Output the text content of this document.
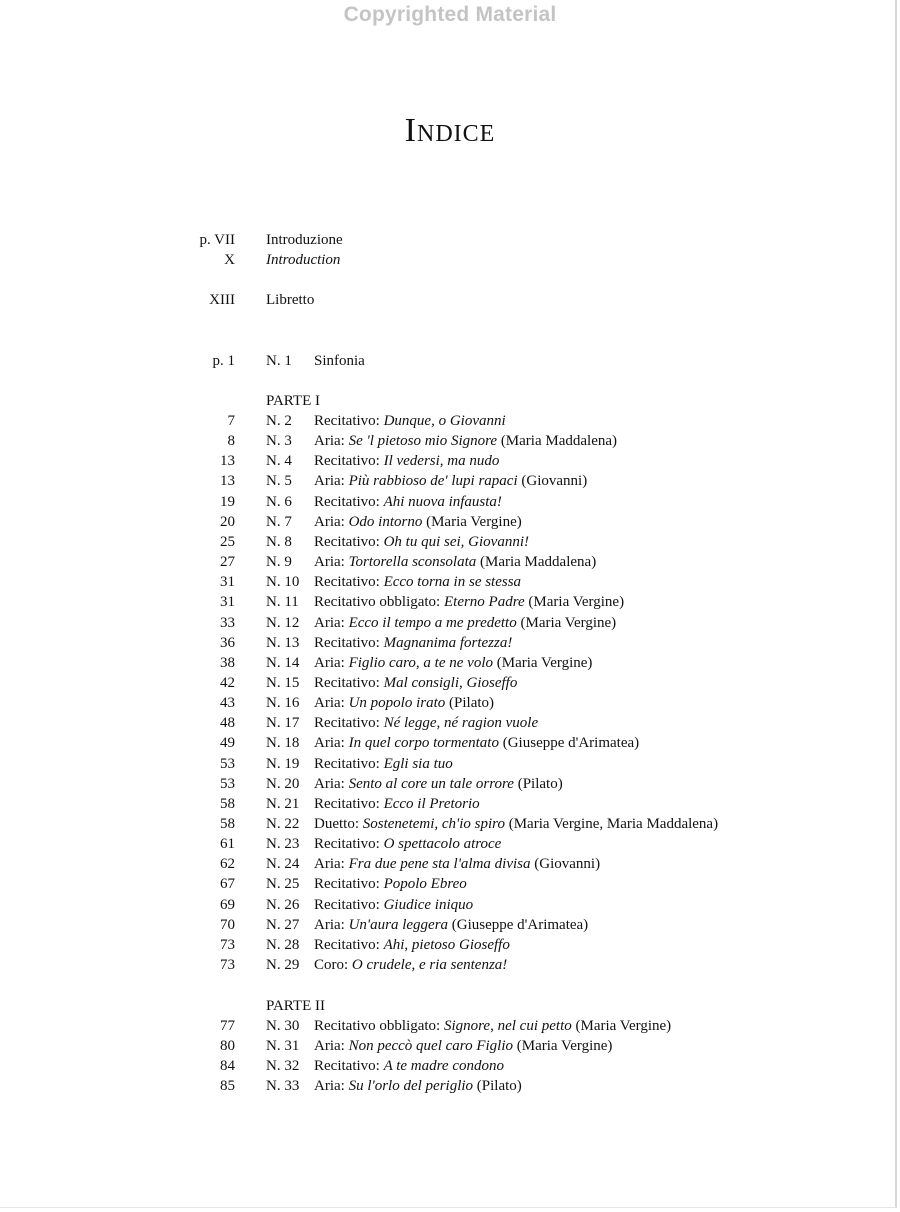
Copyrighted Material
Indice
p. VII Introduzione
X Introduction
XIII Libretto
p. 1 N. 1 Sinfonia
PARTE I
7 N. 2 Recitativo: Dunque, o Giovanni
8 N. 3 Aria: Se 'l pietoso mio Signore (Maria Maddalena)
13 N. 4 Recitativo: Il vedersi, ma nudo
13 N. 5 Aria: Più rabbioso de' lupi rapaci (Giovanni)
19 N. 6 Recitativo: Ahi nuova infausta!
20 N. 7 Aria: Odo intorno (Maria Vergine)
25 N. 8 Recitativo: Oh tu qui sei, Giovanni!
27 N. 9 Aria: Tortorella sconsolata (Maria Maddalena)
31 N. 10 Recitativo: Ecco torna in se stessa
31 N. 11 Recitativo obbligato: Eterno Padre (Maria Vergine)
33 N. 12 Aria: Ecco il tempo a me predetto (Maria Vergine)
36 N. 13 Recitativo: Magnanima fortezza!
38 N. 14 Aria: Figlio caro, a te ne volo (Maria Vergine)
42 N. 15 Recitativo: Mal consigli, Gioseffo
43 N. 16 Aria: Un popolo irato (Pilato)
48 N. 17 Recitativo: Né legge, né ragion vuole
49 N. 18 Aria: In quel corpo tormentato (Giuseppe d'Arimatea)
53 N. 19 Recitativo: Egli sia tuo
53 N. 20 Aria: Sento al core un tale orrore (Pilato)
58 N. 21 Recitativo: Ecco il Pretorio
58 N. 22 Duetto: Sostenetemi, ch'io spiro (Maria Vergine, Maria Maddalena)
61 N. 23 Recitativo: O spettacolo atroce
62 N. 24 Aria: Fra due pene sta l'alma divisa (Giovanni)
67 N. 25 Recitativo: Popolo Ebreo
69 N. 26 Recitativo: Giudice iniquo
70 N. 27 Aria: Un'aura leggera (Giuseppe d'Arimatea)
73 N. 28 Recitativo: Ahi, pietoso Gioseffo
73 N. 29 Coro: O crudele, e ria sentenza!
PARTE II
77 N. 30 Recitativo obbligato: Signore, nel cui petto (Maria Vergine)
80 N. 31 Aria: Non peccò quel caro Figlio (Maria Vergine)
84 N. 32 Recitativo: A te madre condono
85 N. 33 Aria: Su l'orlo del periglio (Pilato)
